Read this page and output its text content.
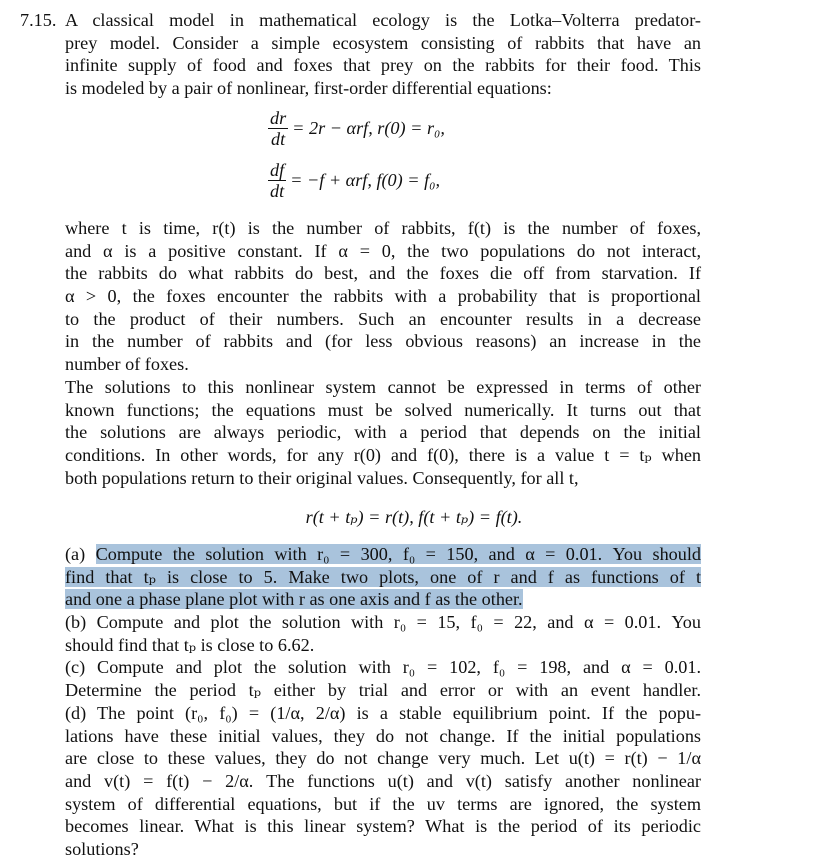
7.15. A classical model in mathematical ecology is the Lotka–Volterra predator-
prey model. Consider a simple ecosystem consisting of rabbits that have an
infinite supply of food and foxes that prey on the rabbits for their food. This
is modeled by a pair of nonlinear, first-order differential equations:
$\frac{dr}{dt} = 2r - \alpha rf$, r(0) = r₀,
$\frac{df}{dt} = -f + \alpha rf$, f(0) = f₀,
where t is time, r(t) is the number of rabbits, f(t) is the number of foxes,
and α is a positive constant. If α = 0, the two populations do not interact,
the rabbits do what rabbits do best, and the foxes die off from starvation. If
α > 0, the foxes encounter the rabbits with a probability that is proportional
to the product of their numbers. Such an encounter results in a decrease
in the number of rabbits and (for less obvious reasons) an increase in the
number of foxes.
The solutions to this nonlinear system cannot be expressed in terms of other
known functions; the equations must be solved numerically. It turns out that
the solutions are always periodic, with a period that depends on the initial
conditions. In other words, for any r(0) and f(0), there is a value t = tₚ when
both populations return to their original values. Consequently, for all t,
r(t + tₚ) = r(t), f(t + tₚ) = f(t).
(a) Compute the solution with r₀ = 300, f₀ = 150, and α = 0.01. You should
find that tₚ is close to 5. Make two plots, one of r and f as functions of t
and one a phase plane plot with r as one axis and f as the other.
(b) Compute and plot the solution with r₀ = 15, f₀ = 22, and α = 0.01. You
should find that tₚ is close to 6.62.
(c) Compute and plot the solution with r₀ = 102, f₀ = 198, and α = 0.01.
Determine the period tₚ either by trial and error or with an event handler.
(d) The point (r₀, f₀) = (1/α, 2/α) is a stable equilibrium point. If the popu-
lations have these initial values, they do not change. If the initial populations
are close to these values, they do not change very much. Let u(t) = r(t) − 1/α
and v(t) = f(t) − 2/α. The functions u(t) and v(t) satisfy another nonlinear
system of differential equations, but if the uv terms are ignored, the system
becomes linear. What is this linear system? What is the period of its periodic
solutions?
